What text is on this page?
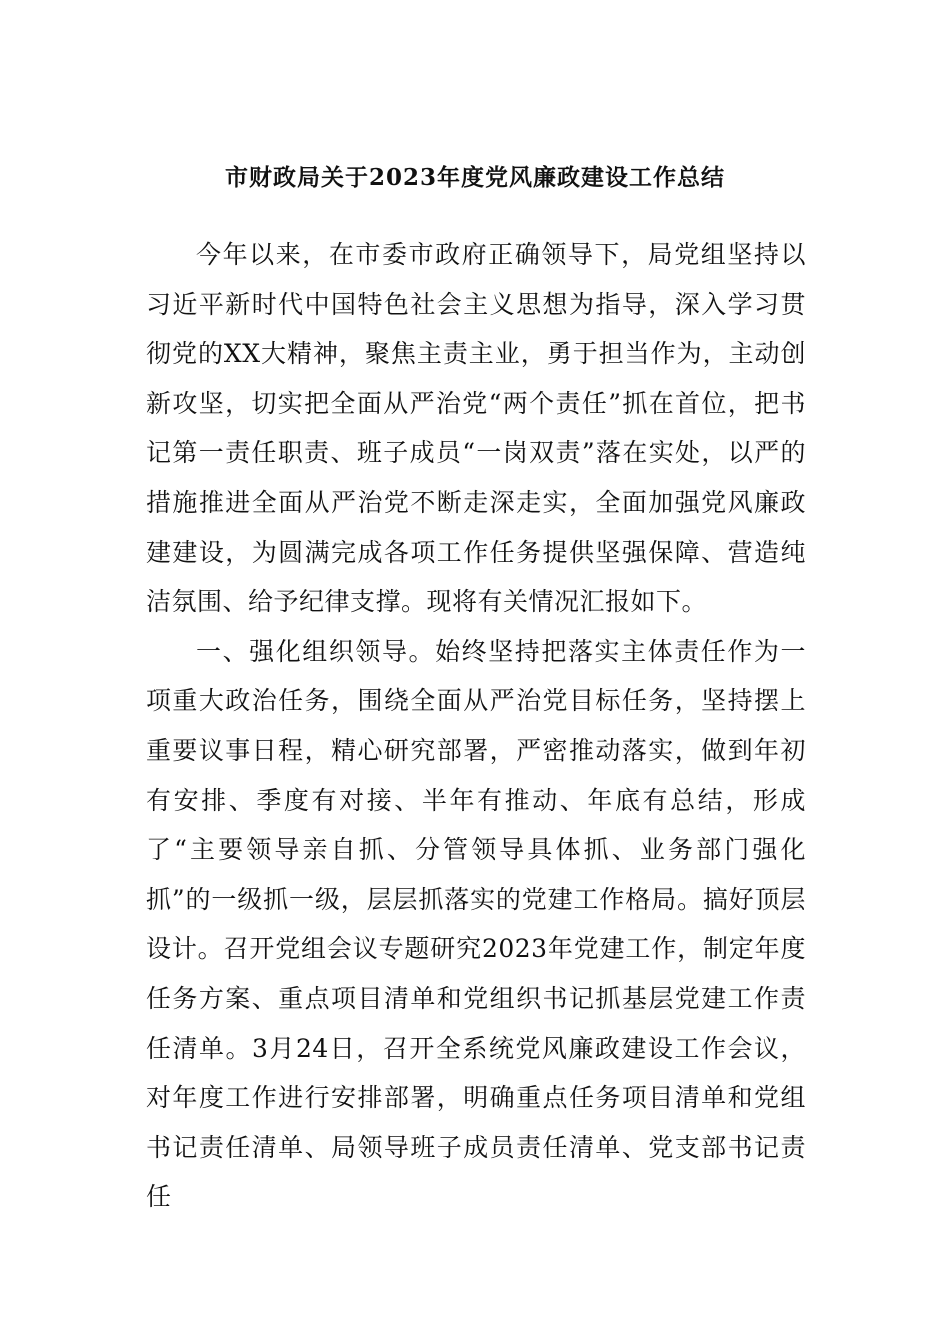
市财政局关于2023年度党风廉政建设工作总结

今年以来，在市委市政府正确领导下，局党组坚持以习近平新时代中国特色社会主义思想为指导，深入学习贯彻党的XX大精神，聚焦主责主业，勇于担当作为，主动创新攻坚，切实把全面从严治党“两个责任”抓在首位，把书记第一责任职责、班子成员“一岗双责”落在实处，以严的措施推进全面从严治党不断走深走实，全面加强党风廉政建建设，为圆满完成各项工作任务提供坚强保障、营造纯洁氛围、给予纪律支撑。现将有关情况汇报如下。

一、强化组织领导。始终坚持把落实主体责任作为一项重大政治任务，围绕全面从严治党目标任务，坚持摆上重要议事日程，精心研究部署，严密推动落实，做到年初有安排、季度有对接、半年有推动、年底有总结，形成了“主要领导亲自抓、分管领导具体抓、业务部门强化抓”的一级抓一级，层层抓落实的党建工作格局。搞好顶层设计。召开党组会议专题研究2023年党建工作，制定年度任务方案、重点项目清单和党组织书记抓基层党建工作责任清单。3月24日，召开全系统党风廉政建设工作会议，对年度工作进行安排部署，明确重点任务项目清单和党组书记责任清单、局领导班子成员责任清单、党支部书记责任
